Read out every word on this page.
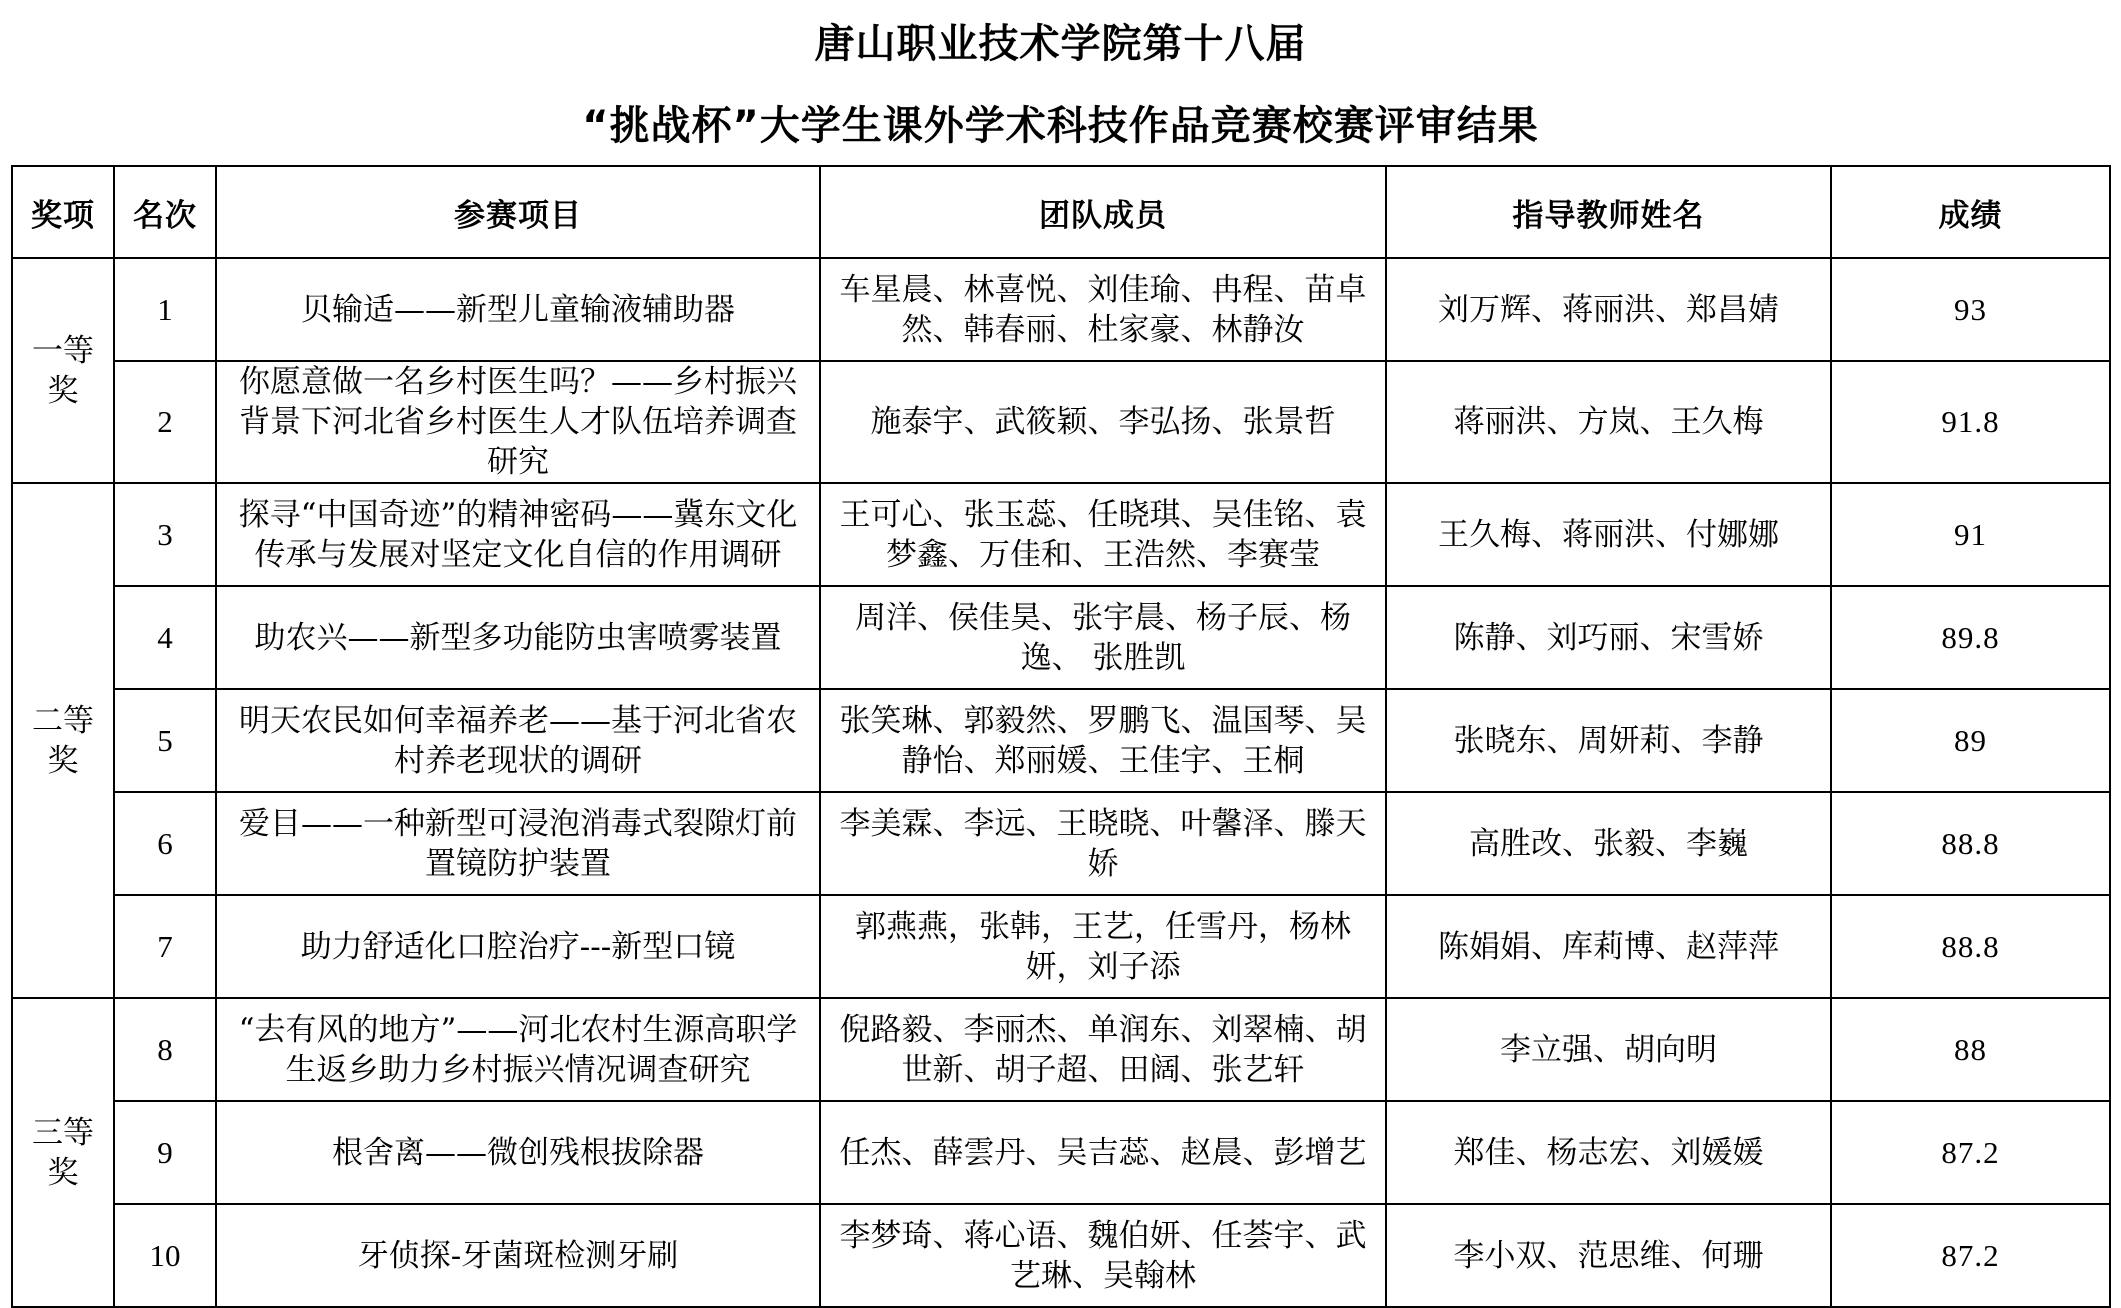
唐山职业技术学院第十八届
“挑战杯”大学生课外学术科技作品竞赛校赛评审结果
奖项	名次	参赛项目	团队成员	指导教师姓名	成绩
一等奖	1	贝输适——新型儿童输液辅助器	车星晨、林喜悦、刘佳瑜、冉程、苗卓然、韩春丽、杜家豪、林静汝	刘万辉、蒋丽洪、郑昌婧	93
	2	你愿意做一名乡村医生吗？——乡村振兴背景下河北省乡村医生人才队伍培养调查研究	施泰宇、武筱颖、李弘扬、张景哲	蒋丽洪、方岚、王久梅	91.8
二等奖	3	探寻“中国奇迹”的精神密码——冀东文化传承与发展对坚定文化自信的作用调研	王可心、张玉蕊、任晓琪、吴佳铭、袁梦鑫、万佳和、王浩然、李赛莹	王久梅、蒋丽洪、付娜娜	91
	4	助农兴——新型多功能防虫害喷雾装置	周洋、侯佳昊、张宇晨、杨子辰、杨逸、 张胜凯	陈静、刘巧丽、宋雪娇	89.8
	5	明天农民如何幸福养老——基于河北省农村养老现状的调研	张笑琳、郭毅然、罗鹏飞、温国琴、吴静怡、郑丽媛、王佳宇、王桐	张晓东、周妍莉、李静	89
	6	爱目——一种新型可浸泡消毒式裂隙灯前置镜防护装置	李美霖、李远、王晓晓、叶馨泽、滕天娇	高胜改、张毅、李巍	88.8
	7	助力舒适化口腔治疗---新型口镜	郭燕燕，张韩，王艺，任雪丹，杨林妍，刘子添	陈娟娟、库莉博、赵萍萍	88.8
三等奖	8	“去有风的地方”——河北农村生源高职学生返乡助力乡村振兴情况调查研究	倪路毅、李丽杰、单润东、刘翠楠、胡世新、胡子超、田阔、张艺轩	李立强、胡向明	88
	9	根舍离——微创残根拔除器	任杰、薛雲丹、吴吉蕊、赵晨、彭增艺	郑佳、杨志宏、刘媛媛	87.2
	10	牙侦探-牙菌斑检测牙刷	李梦琦、蒋心语、魏伯妍、任荟宇、武艺琳、吴翰林	李小双、范思维、何珊	87.2
